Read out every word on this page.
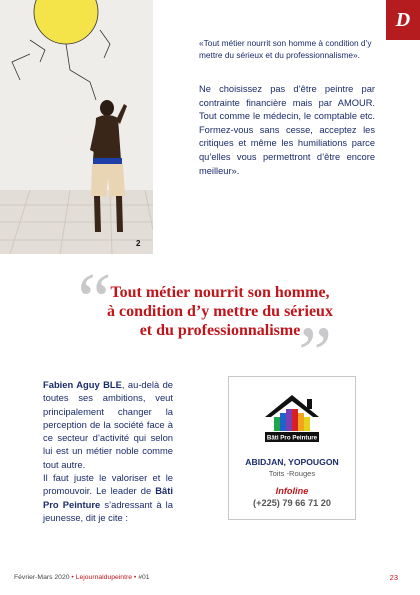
2
D

«Tout métier nourrit son homme à condition d’y mettre du sérieux et du professionnalisme».

Ne choisissez pas d’être peintre par contrainte financière mais par AMOUR. Tout comme le médecin, le comptable etc. Formez-vous sans cesse, acceptez les critiques et même les humiliations parce qu’elles vous permettront d’être encore meilleur».

“
”

Tout métier nourrit son homme,
à condition d’y mettre du sérieux
et du professionnalisme

Fabien Aguy BLE, au-delà de toutes ses ambitions, veut principalement changer la perception de la société face à ce secteur d’activité qui selon lui est un métier noble comme tout autre.

Il faut juste le valoriser et le promouvoir. Le leader de Bâti Pro Peinture s’adressant à la jeunesse, dit je cite :

Bâti Pro Peinture
ABIDJAN, YOPOUGON
Toits -Rouges
Infoline
(+225) 79 66 71 20
Février-Mars 2020 • Lejournaldupeintre • #01	23
